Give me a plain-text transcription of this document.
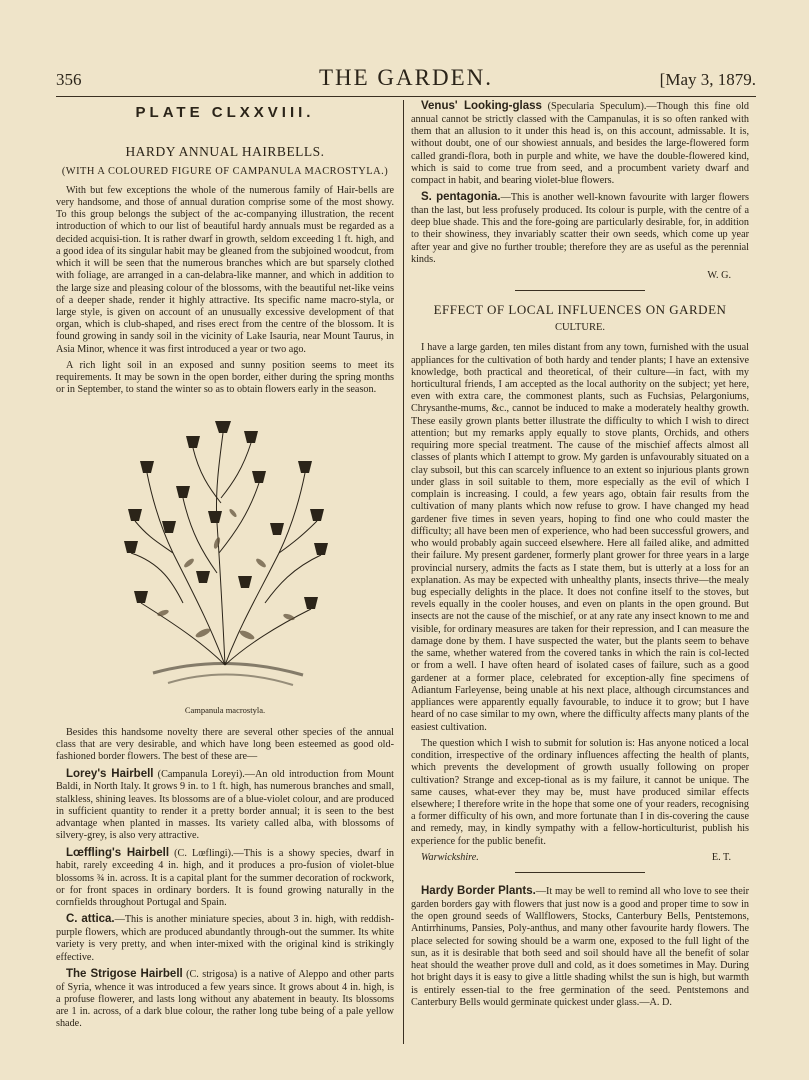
356	THE GARDEN.	[May 3, 1879.
PLATE CLXXVIII.
HARDY ANNUAL HAIRBELLS.
(WITH A COLOURED FIGURE OF CAMPANULA MACROSTYLA.)

With but few exceptions the whole of the numerous family of Hair-bells are very handsome, and those of annual duration comprise some of the most showy. To this group belongs the subject of the ac-companying illustration, the recent introduction of which to our list of beautiful hardy annuals must be regarded as a decided acquisi-tion. It is rather dwarf in growth, seldom exceeding 1 ft. high, and a good idea of its singular habit may be gleaned from the subjoined woodcut, from which it will be seen that the numerous branches which are but sparsely clothed with foliage, are arranged in a can-delabra-like manner, and which in addition to the large size and pleasing colour of the blossoms, with the beautiful net-like veins of a deeper shade, render it highly attractive. Its specific name macro-styla, or large style, is given on account of an unusually excessive development of that organ, which is club-shaped, and rises erect from the centre of the blossom. It is found growing in sandy soil in the vicinity of Lake Isauria, near Mount Taurus, in Asia Minor, whence it was first introduced a year or two ago.

A rich light soil in an exposed and sunny position seems to meet its requirements. It may be sown in the open border, either during the spring months or in September, to stand the winter so as to obtain flowers early in the season.

Campanula macrostyla.

Besides this handsome novelty there are several other species of the annual class that are very desirable, and which have long been esteemed as good old-fashioned border flowers. The best of these are—

Lorey's Hairbell (Campanula Loreyi).—An old introduction from Mount Baldi, in North Italy. It grows 9 in. to 1 ft. high, has numerous branches and small, stalkless, shining leaves. Its blossoms are of a blue-violet colour, and are produced in sufficient quantity to render it a pretty border annual; it is seen to the best advantage when planted in masses. Its variety called alba, with blossoms of silvery-grey, is also very attractive.

Lœffling's Hairbell (C. Lœflingi).—This is a showy species, dwarf in habit, rarely exceeding 4 in. high, and it produces a pro-fusion of violet-blue blossoms ¾ in. across. It is a capital plant for the summer decoration of rockwork, or for front spaces in ordinary borders. It is found growing naturally in the cornfields throughout Portugal and Spain.

C. attica.—This is another miniature species, about 3 in. high, with reddish-purple flowers, which are produced abundantly through-out the summer. Its white variety is very pretty, and when inter-mixed with the original kind is strikingly effective.

The Strigose Hairbell (C. strigosa) is a native of Aleppo and other parts of Syria, whence it was introduced a few years since. It grows about 4 in. high, is a profuse flowerer, and lasts long without any abatement in beauty. Its blossoms are 1 in. across, of a dark blue colour, the rather long tube being of a pale yellow shade.

Venus' Looking-glass (Specularia Speculum).—Though this fine old annual cannot be strictly classed with the Campanulas, it is so often ranked with them that an allusion to it under this head is, on this account, admissable. It is, without doubt, one of our showiest annuals, and besides the large-flowered form called grandi-flora, both in purple and white, we have the double-flowered kind, which is said to come true from seed, and a procumbent variety dwarf and compact in habit, and bearing violet-blue flowers.

S. pentagonia.—This is another well-known favourite with larger flowers than the last, but less profusely produced. Its colour is purple, with the centre of a deep blue shade. This and the fore-going are particularly desirable, for, in addition to their showiness, they invariably scatter their own seeds, which come up year after year and give no further trouble; therefore they are as useful as the perennial kinds.

W. G.
EFFECT OF LOCAL INFLUENCES ON GARDEN
CULTURE.

I have a large garden, ten miles distant from any town, furnished with the usual appliances for the cultivation of both hardy and tender plants; I have an extensive knowledge, both practical and theoretical, of their culture—in fact, with my horticultural friends, I am accepted as the local authority on the subject; yet here, even with extra care, the commonest plants, such as Fuchsias, Pelargoniums, Chrysanthe-mums, &c., cannot be induced to make a moderately healthy growth. These easily grown plants better illustrate the difficulty to which I wish to direct attention; but my remarks apply equally to stove plants, Orchids, and others requiring more special treatment. The cause of the mischief affects almost all classes of plants which I attempt to grow. My garden is unfavourably situated on a clay subsoil, but this can scarcely influence to an extent so injurious plants grown under glass in soil suitable to them, more especially as the evil of which I complain is increasing. I could, a few years ago, obtain fair results from the cultivation of many plants which now refuse to grow. I have changed my head gardener five times in seven years, hoping to find one who could master the difficulty; all have been men of experience, who had been successful growers, and who would probably again succeed elsewhere. Here all failed alike, and admitted their failure. My present gardener, formerly plant grower for three years in a large provincial nursery, admits the facts as I state them, but is utterly at a loss for an explanation. As may be expected with unhealthy plants, insects thrive—the mealy bug especially delights in the place. It does not confine itself to the stoves, but revels equally in the cooler houses, and even on plants in the open ground. But insects are not the cause of the mischief, or at any rate any insect known to me and visible, for ordinary measures are taken for their repression, and I can measure the damage done by them. I have suspected the water, but the plants seem to behave the same, whether watered from the covered tanks in which the rain is col-lected or from a well. I have often heard of isolated cases of failure, such as a good gardener at a former place, celebrated for exception-ally fine specimens of Adiantum Farleyense, being unable at his next place, although circumstances and appliances were apparently equally favourable, to induce it to grow; but I have heard of no case similar to my own, where the difficulty affects many plants of the easiest cultivation.

The question which I wish to submit for solution is: Has anyone noticed a local condition, irrespective of the ordinary influences affecting the health of plants, which prevents the development of growth usually following on proper cultivation? Strange and excep-tional as is my failure, it cannot be unique. The same causes, what-ever they may be, must have produced similar effects elsewhere; I therefore write in the hope that some one of your readers, recognising a former difficulty of his own, and more fortunate than I in dis-covering the cause and remedy, may, in kindly sympathy with a fellow-horticulturist, publish his experience for the public benefit.

Warwickshire.	E. T.

Hardy Border Plants.—It may be well to remind all who love to see their garden borders gay with flowers that just now is a good and proper time to sow in the open ground seeds of Wallflowers, Stocks, Canterbury Bells, Pentstemons, Antirrhinums, Pansies, Poly-anthus, and many other favourite hardy flowers. The place selected for sowing should be a warm one, exposed to the full light of the sun, as it is desirable that both seed and soil should have all the benefit of solar heat should the weather prove dull and cold, as it does sometimes in May. During hot bright days it is easy to give a little shading whilst the sun is high, but warmth is entirely essen-tial to the free germination of the seed. Pentstemons and Canterbury Bells would germinate quickest under glass.—A. D.
